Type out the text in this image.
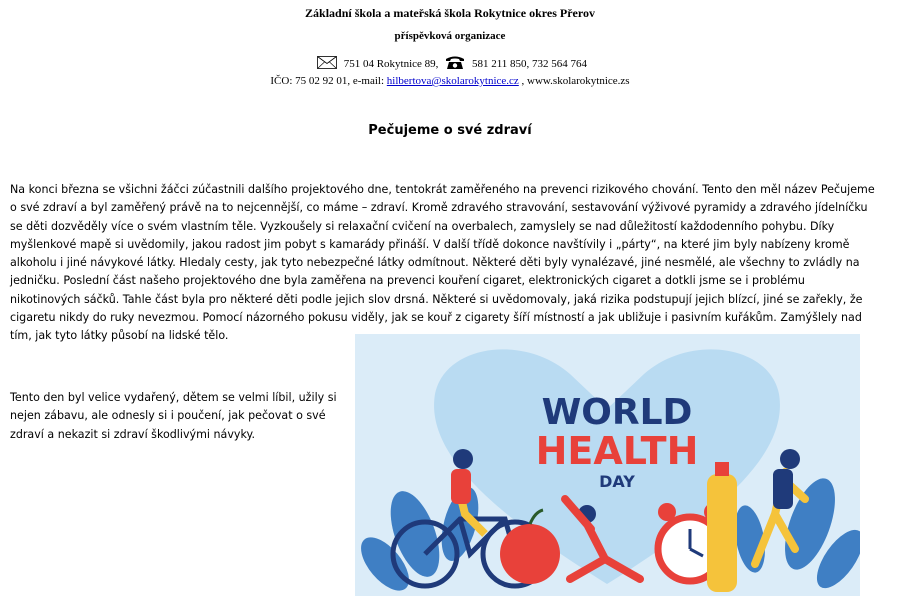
Základní škola a mateřská škola Rokytnice okres Přerov
příspěvková organizace
751 04 Rokytnice 89,	581 211 850, 732 564 764
IČO: 75 02 92 01, e-mail: hilbertova@skolarokytnice.cz , www.skolarokytnice.zs
Pečujeme o své zdraví

Na konci března se všichni žáčci zúčastnili dalšího projektového dne, tentokrát zaměřeného na prevenci rizikového chování. Tento den měl název Pečujeme o své zdraví a byl zaměřený právě na to nejcennější, co máme – zdraví. Kromě zdravého stravování, sestavování výživové pyramidy a zdravého jídelníčku se děti dozvěděly více o svém vlastním těle. Vyzkoušely si relaxační cvičení na overbalech, zamyslely se nad důležitostí každodenního pohybu. Díky myšlenkové mapě si uvědomily, jakou radost jim pobyt s kamarády přináší. V další třídě dokonce navštívily i „párty“, na které jim byly nabízeny kromě alkoholu i jiné návykové látky. Hledaly cesty, jak tyto nebezpečné látky odmítnout. Některé děti byly vynalézavé, jiné nesmělé, ale všechny to zvládly na jedničku. Poslední část našeho projektového dne byla zaměřena na prevenci kouření cigaret, elektronických cigaret a dotkli jsme se i problému nikotinových sáčků. Tahle část byla pro některé děti podle jejich slov drsná. Některé si uvědomovaly, jaká rizika podstupují jejich blízcí, jiné se zařekly, že cigaretu nikdy do ruky nevezmou. Pomocí názorného pokusu viděly, jak se kouř z cigarety šíří místností a jak ubližuje i pasivním kuřákům. Zamýšlely nad tím, jak tyto látky působí na lidské tělo.

Tento den byl velice vydařený, dětem se velmi líbil, užily si nejen zábavu, ale odnesly si i poučení, jak pečovat o své zdraví a nekazit si zdraví škodlivými návyky.

WORLD
HEALTH
DAY
